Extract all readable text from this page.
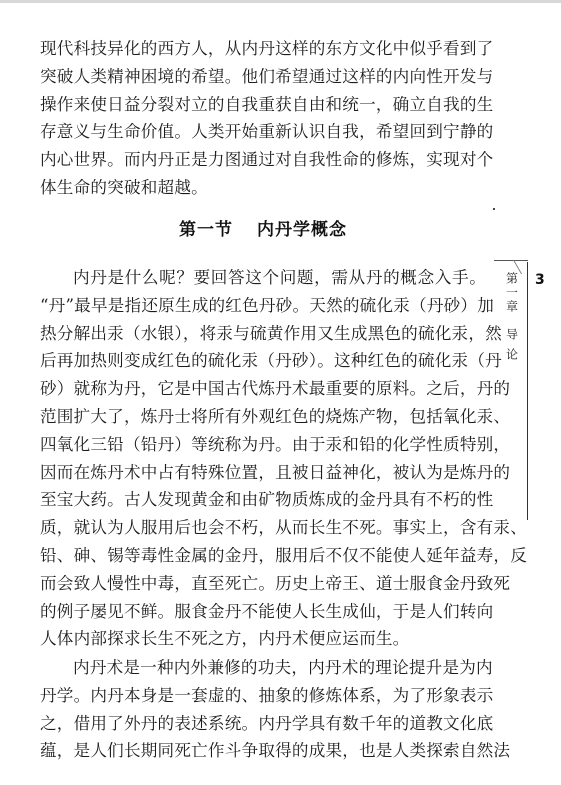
现代科技异化的西方人，从内丹这样的东方文化中似乎看到了
突破人类精神困境的希望。他们希望通过这样的内向性开发与
操作来使日益分裂对立的自我重获自由和统一，确立自我的生
存意义与生命价值。人类开始重新认识自我，希望回到宁静的
内心世界。而内丹正是力图通过对自我性命的修炼，实现对个
体生命的突破和超越。
第一节 内丹学概念
内丹是什么呢？要回答这个问题，需从丹的概念入手。
“丹”最早是指还原生成的红色丹砂。天然的硫化汞（丹砂）加
热分解出汞（水银），将汞与硫黄作用又生成黑色的硫化汞，然
后再加热则变成红色的硫化汞（丹砂）。这种红色的硫化汞（丹
砂）就称为丹，它是中国古代炼丹术最重要的原料。之后，丹的
范围扩大了，炼丹士将所有外观红色的烧炼产物，包括氧化汞、
四氧化三铅（铅丹）等统称为丹。由于汞和铅的化学性质特别，
因而在炼丹术中占有特殊位置，且被日益神化，被认为是炼丹的
至宝大药。古人发现黄金和由矿物质炼成的金丹具有不朽的性
质，就认为人服用后也会不朽，从而长生不死。事实上，含有汞、
铅、砷、锡等毒性金属的金丹，服用后不仅不能使人延年益寿，反
而会致人慢性中毒，直至死亡。历史上帝王、道士服食金丹致死
的例子屡见不鲜。服食金丹不能使人长生成仙，于是人们转向
人体内部探求长生不死之方，内丹术便应运而生。
内丹术是一种内外兼修的功夫，内丹术的理论提升是为内
丹学。内丹本身是一套虚的、抽象的修炼体系，为了形象表示
之，借用了外丹的表述系统。内丹学具有数千年的道教文化底
蕴，是人们长期同死亡作斗争取得的成果，也是人类探索自然法
第一章
导论
3
